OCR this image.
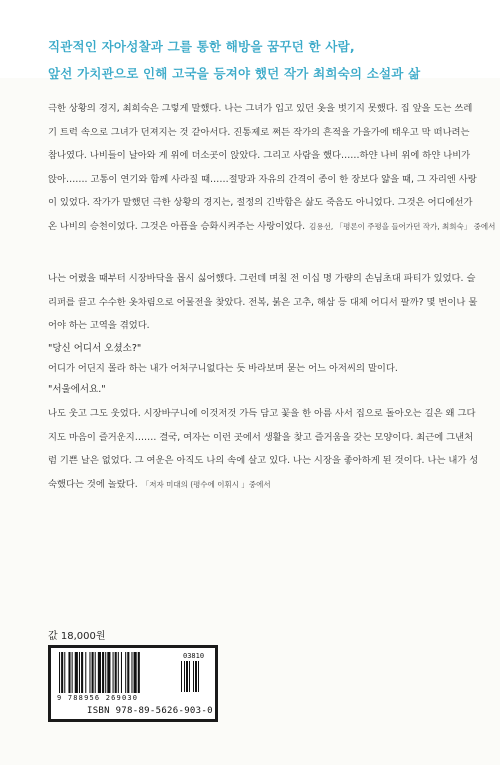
직관적인 자아성찰과 그를 통한 해방을 꿈꾸던 한 사람,
앞선 가치관으로 인해 고국을 등져야 했던 작가 최희숙의 소설과 삶
극한 상황의 경지, 최희숙은 그렇게 말했다. 나는 그녀가 입고 있던 옷을 벗기지 못했다. 집 앞을 도는 쓰레
기 트럭 속으로 그녀가 던져지는 것 같아서다. 진통제로 쩌든 작가의 흔적을 가을가에 태우고 막 떠나려는
참나였다. 나비들이 날아와 게 위에 더소곳이 앉았다. 그리고 사람을 했다……하얀 나비 위에 하얀 나비가
앉아……. 고통이 연기와 함께 사라질 때……절망과 자유의 간격이 종이 한 장보다 얇을 때, 그 자리엔 사랑
이 있었다. 작가가 말했던 극한 상황의 경지는, 절정의 긴박함은 삶도 죽음도 아니었다. 그것은 어디에선가
온 나비의 승천이었다. 그것은 아픔을 승화시켜주는 사랑이었다. 김용선, 「평론이 주평을 들어가던 작가, 최희숙」 중에서
나는 어렸을 때부터 시장바닥을 몹시 싫어했다. 그런데 며칠 전 이십 명 가량의 손님초대 파티가 있었다. 슬
리퍼를 끌고 수수한 옷차림으로 어물전을 찾았다. 전복, 붉은 고추, 해삼 등 대체 어디서 팔까? 몇 번이나 물
어야 하는 고역을 겪었다.
"당신 어디서 오셨소?"
어디가 어딘지 몰라 하는 내가 어처구니없다는 듯 바라보며 묻는 어느 아저씨의 말이다.
"서울에서요."
나도 웃고 그도 웃었다. 시장바구니에 이것저것 가득 담고 꽃을 한 아름 사서 집으로 돌아오는 길은 왜 그다
지도 마음이 즐거운지……. 결국, 여자는 이런 곳에서 생활을 찾고 즐거움을 갖는 모양이다. 최근에 그낸처
럼 기쁜 날은 없었다. 그 여운은 아직도 나의 속에 살고 있다. 나는 시장을 좋아하게 된 것이다. 나는 내가 성
숙했다는 것에 놀랐다. 「저자 미대의 (평수에 이휘시 」중에서
값 18,000원
03810
9 788956 269030
ISBN 978-89-5626-903-0
